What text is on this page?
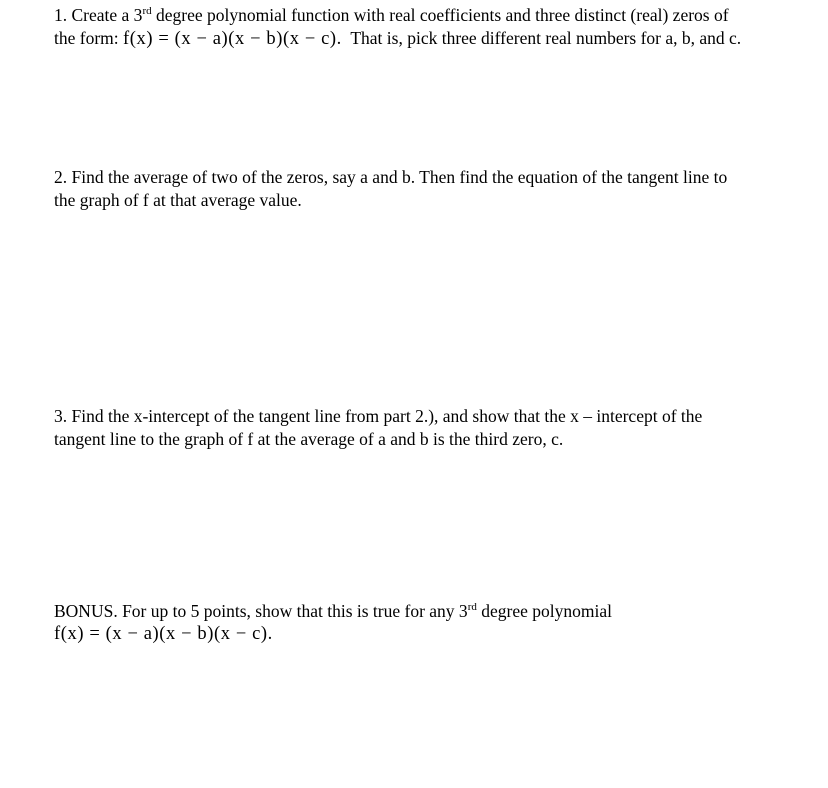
1. Create a 3rd degree polynomial function with real coefficients and three distinct (real) zeros of
the form: f(x) = (x − a)(x − b)(x − c).  That is, pick three different real numbers for a, b, and c.
2. Find the average of two of the zeros, say a and b. Then find the equation of the tangent line to
the graph of f at that average value.
3. Find the x-intercept of the tangent line from part 2.), and show that the x – intercept of the
tangent line to the graph of f at the average of a and b is the third zero, c.
BONUS. For up to 5 points, show that this is true for any 3rd degree polynomial
f(x) = (x − a)(x − b)(x − c).
